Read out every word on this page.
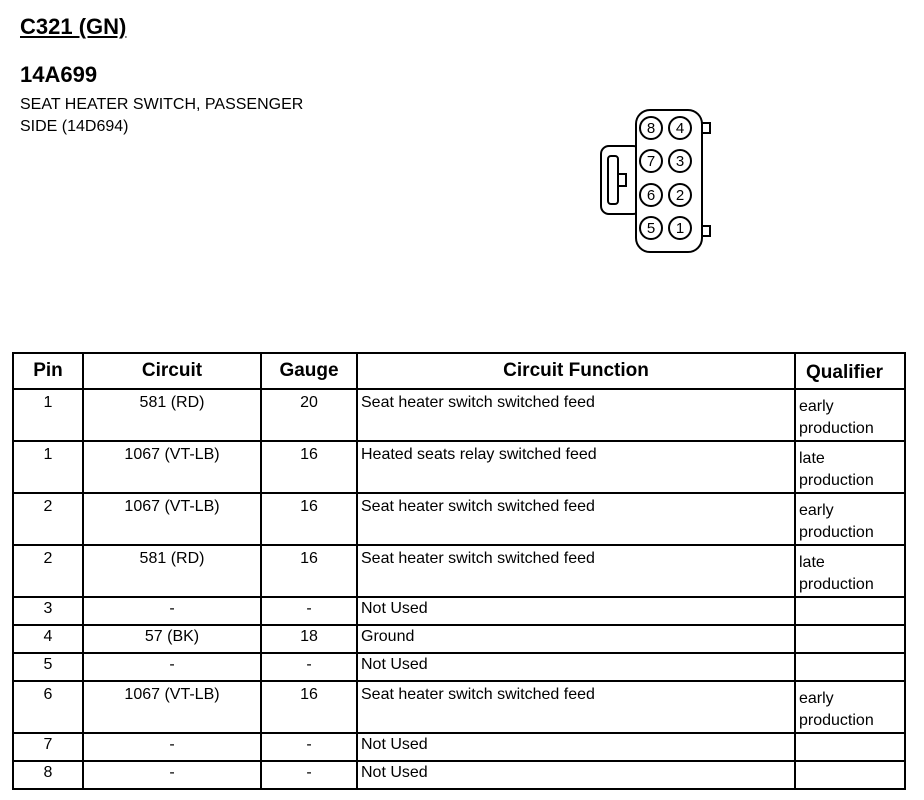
C321 (GN)
14A699
SEAT HEATER SWITCH, PASSENGER
SIDE (14D694)	8 4
7 3
6 2
5 1
Pin	Circuit	Gauge	Circuit Function	Qualifier
1	581 (RD)	20	Seat heater switch switched feed	early
production

1	1067 (VT-LB)	16	Heated seats relay switched feed	late
production

2	1067 (VT-LB)	16	Seat heater switch switched feed	early
production

2	581 (RD)	16	Seat heater switch switched feed	late
production

3	-	-	Not Used	
4	57 (BK)	18	Ground	
5	-	-	Not Used	
6	1067 (VT-LB)	16	Seat heater switch switched feed	early
production

7	-	-	Not Used	
8	-	-	Not Used	
